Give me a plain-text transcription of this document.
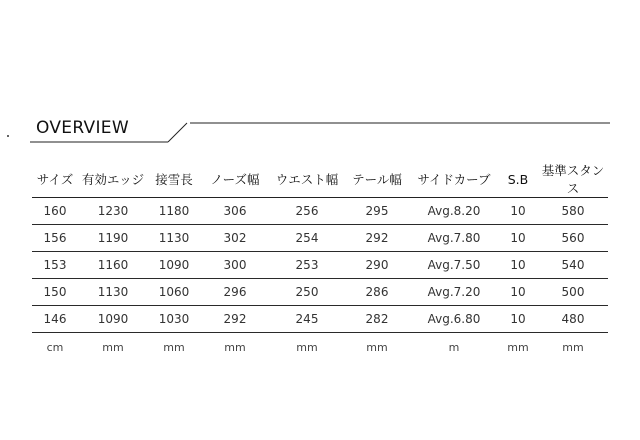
OVERVIEW
サイズ	有効エッジ	接雪長	ノーズ幅	ウエスト幅	テール幅	サイドカーブ	S.B	基準スタンス
160	1230	1180	306	256	295	Avg.8.20	10	580
156	1190	1130	302	254	292	Avg.7.80	10	560
153	1160	1090	300	253	290	Avg.7.50	10	540
150	1130	1060	296	250	286	Avg.7.20	10	500
146	1090	1030	292	245	282	Avg.6.80	10	480
cm	mm	mm	mm	mm	mm	m	mm	mm
